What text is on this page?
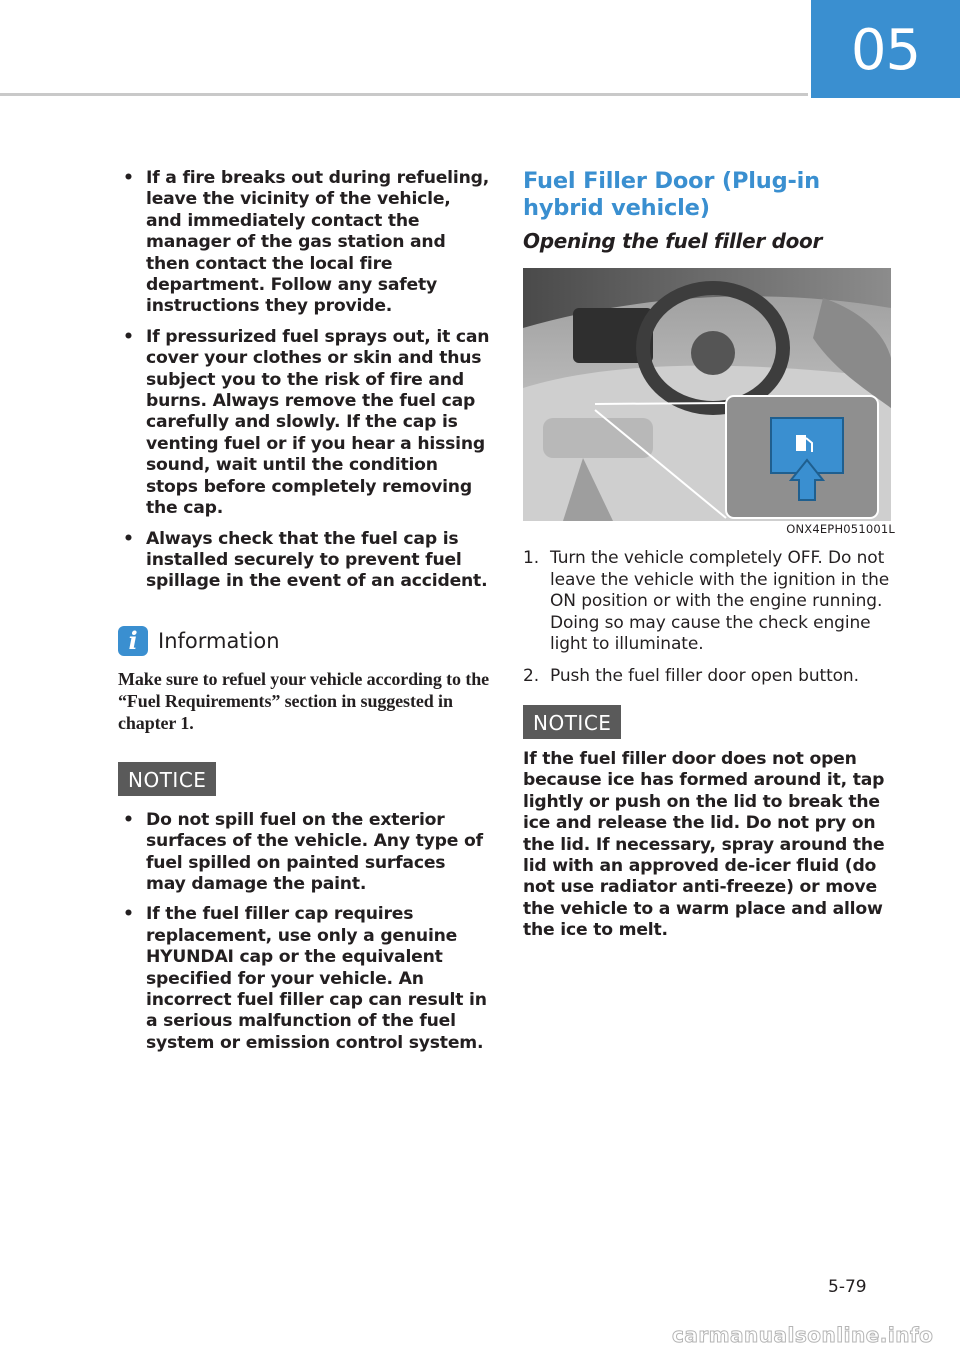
05
• If a fire breaks out during refueling, leave the vicinity of the vehicle, and immediately contact the manager of the gas station and then contact the local fire department. Follow any safety instructions they provide.
• If pressurized fuel sprays out, it can cover your clothes or skin and thus subject you to the risk of fire and burns. Always remove the fuel cap carefully and slowly. If the cap is venting fuel or if you hear a hissing sound, wait until the condition stops before completely removing the cap.
• Always check that the fuel cap is installed securely to prevent fuel spillage in the event of an accident.
i Information
Make sure to refuel your vehicle according to the “Fuel Requirements” section in suggested in chapter 1.
NOTICE
• Do not spill fuel on the exterior surfaces of the vehicle. Any type of fuel spilled on painted surfaces may damage the paint.
• If the fuel filler cap requires replacement, use only a genuine HYUNDAI cap or the equivalent specified for your vehicle. An incorrect fuel filler cap can result in a serious malfunction of the fuel system or emission control system.
Fuel Filler Door (Plug-in hybrid vehicle)
Opening the fuel filler door
ONX4EPH051001L
1. Turn the vehicle completely OFF. Do not leave the vehicle with the ignition in the ON position or with the engine running. Doing so may cause the check engine light to illuminate.
2. Push the fuel filler door open button.
NOTICE
If the fuel filler door does not open because ice has formed around it, tap lightly or push on the lid to break the ice and release the lid. Do not pry on the lid. If necessary, spray around the lid with an approved de-icer fluid (do not use radiator anti-freeze) or move the vehicle to a warm place and allow the ice to melt.
5-79
carmanualsonline.info
